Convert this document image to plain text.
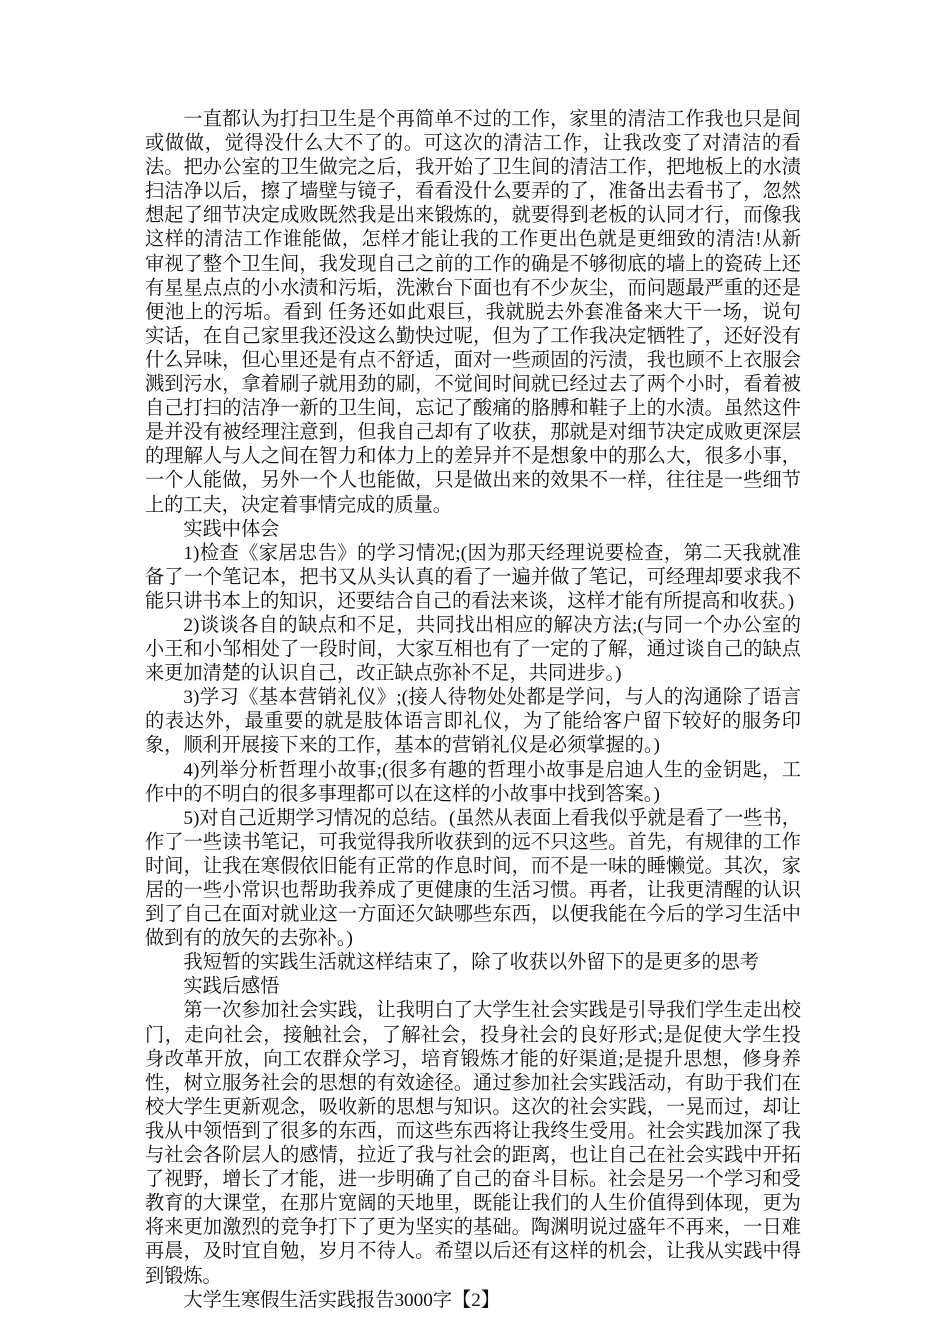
一直都认为打扫卫生是个再简单不过的工作，家里的清洁工作我也只是间或做做，觉得没什么大不了的。可这次的清洁工作，让我改变了对清洁的看法。把办公室的卫生做完之后，我开始了卫生间的清洁工作，把地板上的水渍扫洁净以后，擦了墙壁与镜子，看看没什么要弄的了，准备出去看书了，忽然想起了细节决定成败既然我是出来锻炼的，就要得到老板的认同才行，而像我这样的清洁工作谁能做，怎样才能让我的工作更出色就是更细致的清洁!从新审视了整个卫生间，我发现自己之前的工作的确是不够彻底的墙上的瓷砖上还有星星点点的小水渍和污垢，洗漱台下面也有不少灰尘，而问题最严重的还是便池上的污垢。看到 任务还如此艰巨，我就脱去外套准备来大干一场，说句实话，在自己家里我还没这么勤快过呢，但为了工作我决定牺牲了，还好没有什么异味，但心里还是有点不舒适，面对一些顽固的污渍，我也顾不上衣服会溅到污水，拿着刷子就用劲的刷，不觉间时间就已经过去了两个小时，看着被自己打扫的洁净一新的卫生间，忘记了酸痛的胳膊和鞋子上的水渍。虽然这件是并没有被经理注意到，但我自己却有了收获，那就是对细节决定成败更深层的理解人与人之间在智力和体力上的差异并不是想象中的那么大，很多小事，一个人能做，另外一个人也能做，只是做出来的效果不一样，往往是一些细节上的工夫，决定着事情完成的质量。

实践中体会

1)检查《家居忠告》的学习情况;(因为那天经理说要检查，第二天我就准备了一个笔记本，把书又从头认真的看了一遍并做了笔记，可经理却要求我不能只讲书本上的知识，还要结合自己的看法来谈，这样才能有所提高和收获。)

2)谈谈各自的缺点和不足，共同找出相应的解决方法;(与同一个办公室的小王和小邹相处了一段时间，大家互相也有了一定的了解，通过谈自己的缺点来更加清楚的认识自己，改正缺点弥补不足，共同进步。)

3)学习《基本营销礼仪》;(接人待物处处都是学问，与人的沟通除了语言的表达外，最重要的就是肢体语言即礼仪，为了能给客户留下较好的服务印象，顺利开展接下来的工作，基本的营销礼仪是必须掌握的。)

4)列举分析哲理小故事;(很多有趣的哲理小故事是启迪人生的金钥匙，工作中的不明白的很多事理都可以在这样的小故事中找到答案。)

5)对自己近期学习情况的总结。(虽然从表面上看我似乎就是看了一些书，作了一些读书笔记，可我觉得我所收获到的远不只这些。首先，有规律的工作时间，让我在寒假依旧能有正常的作息时间，而不是一味的睡懒觉。其次，家居的一些小常识也帮助我养成了更健康的生活习惯。再者，让我更清醒的认识到了自己在面对就业这一方面还欠缺哪些东西，以便我能在今后的学习生活中做到有的放矢的去弥补。)

我短暂的实践生活就这样结束了，除了收获以外留下的是更多的思考

实践后感悟

第一次参加社会实践，让我明白了大学生社会实践是引导我们学生走出校门，走向社会，接触社会，了解社会，投身社会的良好形式;是促使大学生投身改革开放，向工农群众学习，培育锻炼才能的好渠道;是提升思想，修身养性，树立服务社会的思想的有效途径。通过参加社会实践活动，有助于我们在校大学生更新观念，吸收新的思想与知识。这次的社会实践，一晃而过，却让我从中领悟到了很多的东西，而这些东西将让我终生受用。社会实践加深了我与社会各阶层人的感情，拉近了我与社会的距离，也让自己在社会实践中开拓了视野，增长了才能，进一步明确了自己的奋斗目标。社会是另一个学习和受教育的大课堂，在那片宽阔的天地里，既能让我们的人生价值得到体现，更为将来更加激烈的竞争打下了更为坚实的基础。陶渊明说过盛年不再来，一日难再晨，及时宜自勉，岁月不待人。希望以后还有这样的机会，让我从实践中得到锻炼。

大学生寒假生活实践报告3000字【2】
